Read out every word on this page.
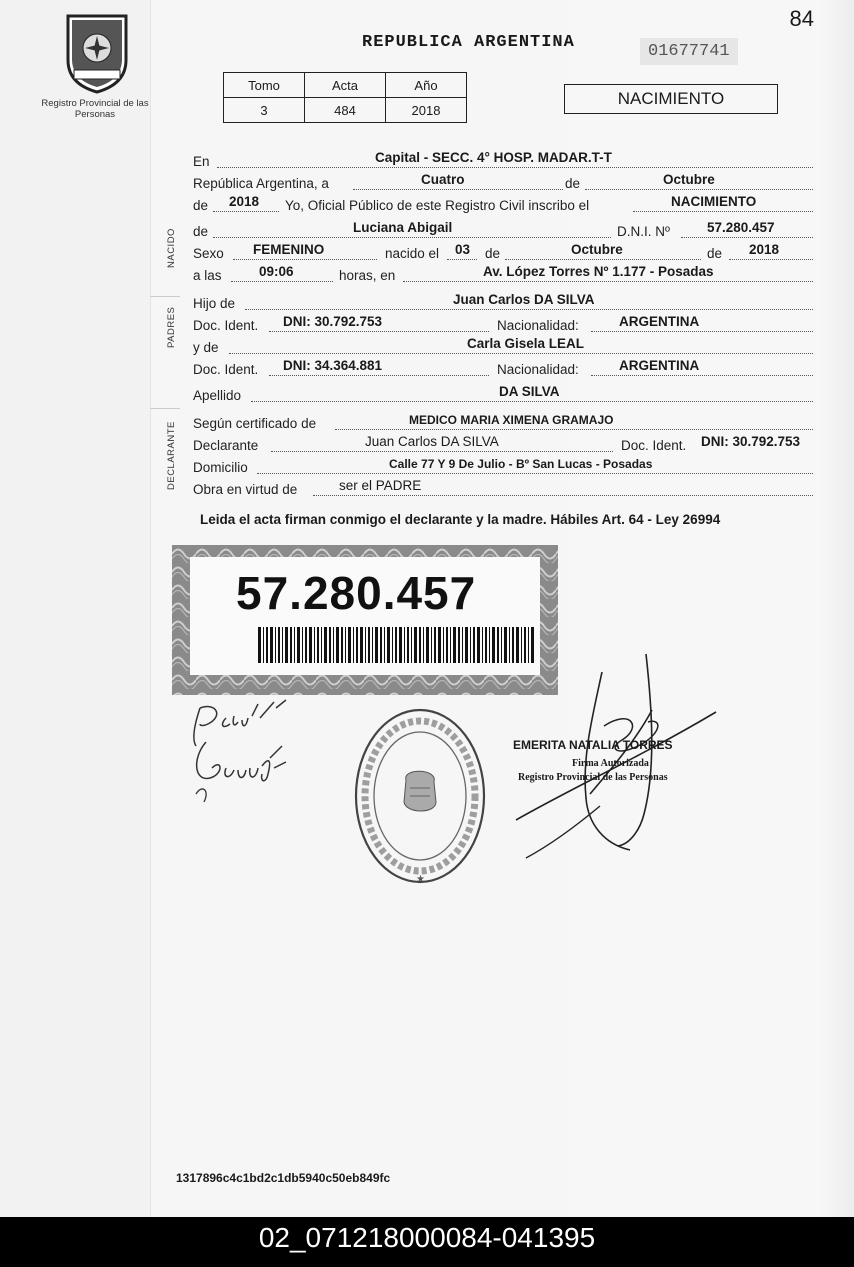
84
Registro Provincial de las Personas
REPUBLICA ARGENTINA	01677741
Tomo	Acta	Año
3	484	2018
NACIMIENTO
NACIDO
PADRES
DECLARANTE
En	Capital - SECC. 4° HOSP. MADAR.T-T
República Argentina, a	Cuatro	de	Octubre
de 2018 Yo, Oficial Público de este Registro Civil inscribo el	NACIMIENTO
de	Luciana Abigail	D.N.I. Nº	57.280.457
Sexo FEMENINO	nacido el 03 de	Octubre	de 2018
a las	09:06	horas, en	Av. López Torres Nº 1.177 - Posadas
Hijo de	Juan Carlos DA SILVA
Doc. Ident. DNI: 30.792.753	Nacionalidad:	ARGENTINA
y de	Carla Gisela LEAL
Doc. Ident. DNI: 34.364.881	Nacionalidad:	ARGENTINA
Apellido	DA SILVA
Según certificado de	MEDICO MARIA XIMENA GRAMAJO
Declarante	Juan Carlos DA SILVA	Doc. Ident. DNI: 30.792.753
Domicilio	Calle 77 Y 9 De Julio - Bº San Lucas - Posadas
Obra en virtud de	ser el PADRE
Leida el acta firman conmigo el declarante y la madre. Hábiles Art. 64 - Ley 26994
57.280.457
★
EMERITA NATALIA TORRES
Firma Autorizada
Registro Provincial de las Personas
1317896c4c1bd2c1db5940c50eb849fc
02_071218000084-041395
